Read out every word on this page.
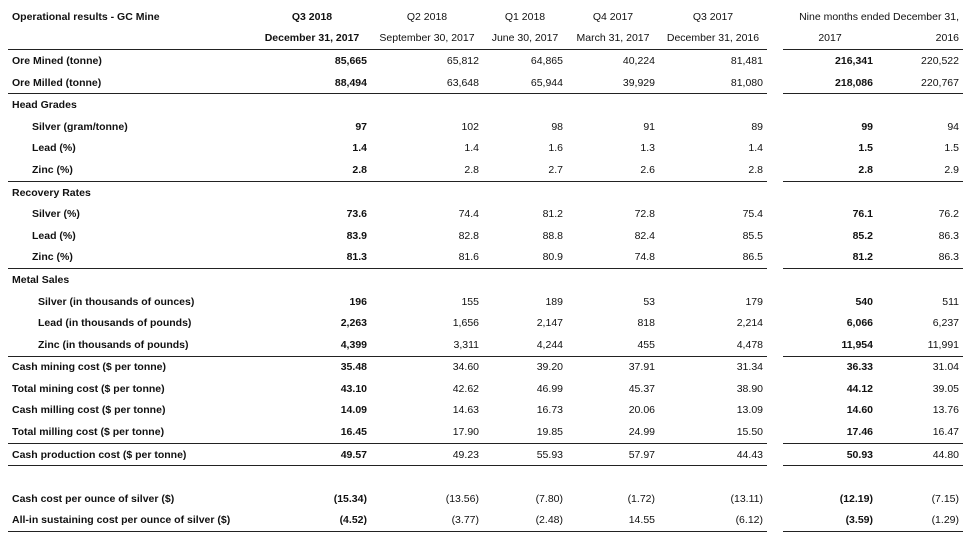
Operational results - GC Mine	Q3 2018	Q2 2018	Q1 2018	Q4 2017	Q3 2017		Nine months ended December 31,	
	December 31, 2017	September 30, 2017	June 30, 2017	March 31, 2017	December 31, 2016		2017	2016
Ore Mined (tonne)	85,665	65,812	64,865	40,224	81,481		216,341	220,522
Ore Milled (tonne)	88,494	63,648	65,944	39,929	81,080		218,086	220,767
Head Grades								
Silver (gram/tonne)	97	102	98	91	89		99	94
Lead (%)	1.4	1.4	1.6	1.3	1.4		1.5	1.5
Zinc (%)	2.8	2.8	2.7	2.6	2.8		2.8	2.9
Recovery Rates								
Silver (%)	73.6	74.4	81.2	72.8	75.4		76.1	76.2
Lead (%)	83.9	82.8	88.8	82.4	85.5		85.2	86.3
Zinc (%)	81.3	81.6	80.9	74.8	86.5		81.2	86.3
Metal Sales								
Silver (in thousands of ounces)	196	155	189	53	179		540	511
Lead (in thousands of pounds)	2,263	1,656	2,147	818	2,214		6,066	6,237
Zinc (in thousands of pounds)	4,399	3,311	4,244	455	4,478		11,954	11,991
Cash mining cost ($ per tonne)	35.48	34.60	39.20	37.91	31.34		36.33	31.04
Total mining cost ($ per tonne)	43.10	42.62	46.99	45.37	38.90		44.12	39.05
Cash milling cost ($ per tonne)	14.09	14.63	16.73	20.06	13.09		14.60	13.76
Total milling cost ($ per tonne)	16.45	17.90	19.85	24.99	15.50		17.46	16.47
Cash production cost ($ per tonne)	49.57	49.23	55.93	57.97	44.43		50.93	44.80

Cash cost per ounce of silver ($)	(15.34)	(13.56)	(7.80)	(1.72)	(13.11)		(12.19)	(7.15)
All-in sustaining cost per ounce of silver ($)	(4.52)	(3.77)	(2.48)	14.55	(6.12)		(3.59)	(1.29)
